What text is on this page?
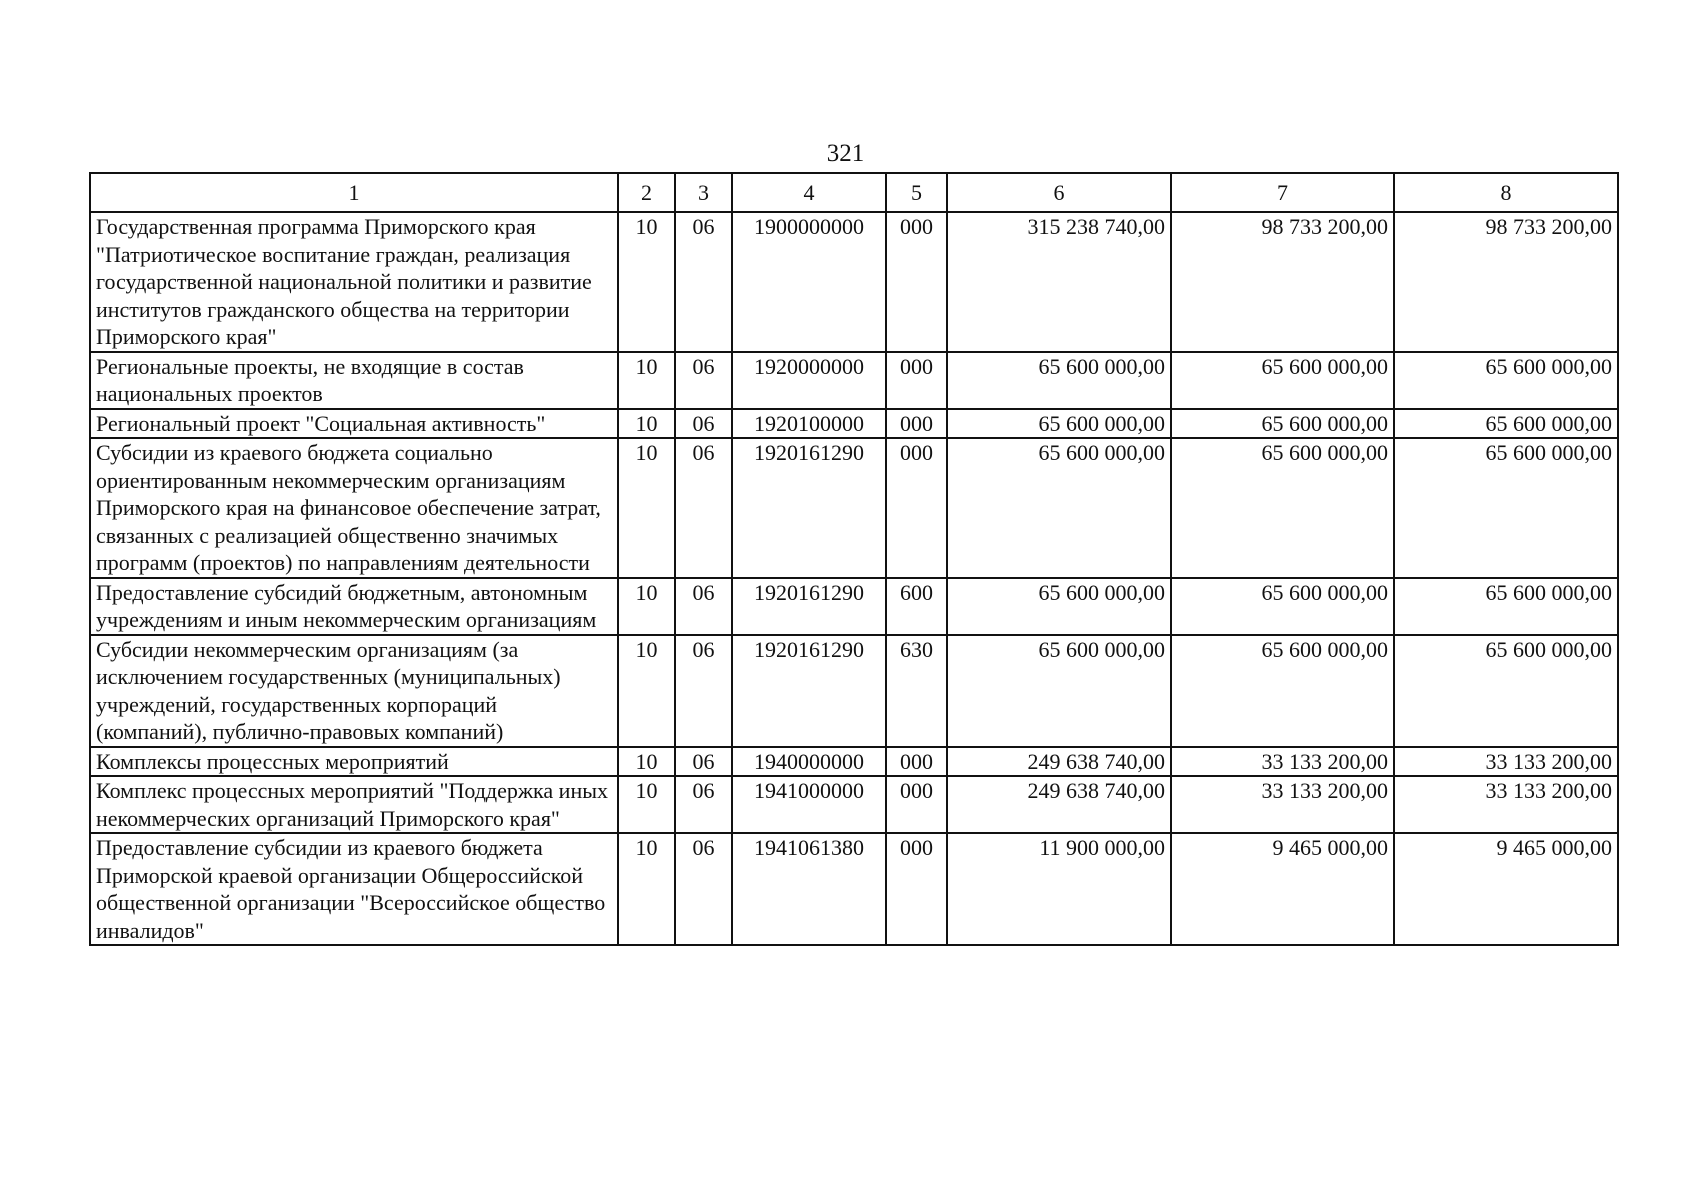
321
1	2	3	4	5	6	7	8
Государственная программа Приморского края "Патриотическое воспитание граждан, реализация государственной национальной политики и развитие институтов гражданского общества на территории Приморского края"	10	06	1900000000	000	315 238 740,00	98 733 200,00	98 733 200,00
Региональные проекты, не входящие в состав национальных проектов	10	06	1920000000	000	65 600 000,00	65 600 000,00	65 600 000,00
Региональный проект "Социальная активность"	10	06	1920100000	000	65 600 000,00	65 600 000,00	65 600 000,00
Субсидии из краевого бюджета социально ориентированным некоммерческим организациям Приморского края на финансовое обеспечение затрат, связанных с реализацией общественно значимых программ (проектов) по направлениям деятельности	10	06	1920161290	000	65 600 000,00	65 600 000,00	65 600 000,00
Предоставление субсидий бюджетным, автономным учреждениям и иным некоммерческим организациям	10	06	1920161290	600	65 600 000,00	65 600 000,00	65 600 000,00
Субсидии некоммерческим организациям (за исключением государственных (муниципальных) учреждений, государственных корпораций (компаний), публично-правовых компаний)	10	06	1920161290	630	65 600 000,00	65 600 000,00	65 600 000,00
Комплексы процессных мероприятий	10	06	1940000000	000	249 638 740,00	33 133 200,00	33 133 200,00
Комплекс процессных мероприятий "Поддержка иных некоммерческих организаций Приморского края"	10	06	1941000000	000	249 638 740,00	33 133 200,00	33 133 200,00
Предоставление субсидии из краевого бюджета Приморской краевой организации Общероссийской общественной организации "Всероссийское общество инвалидов"	10	06	1941061380	000	11 900 000,00	9 465 000,00	9 465 000,00
